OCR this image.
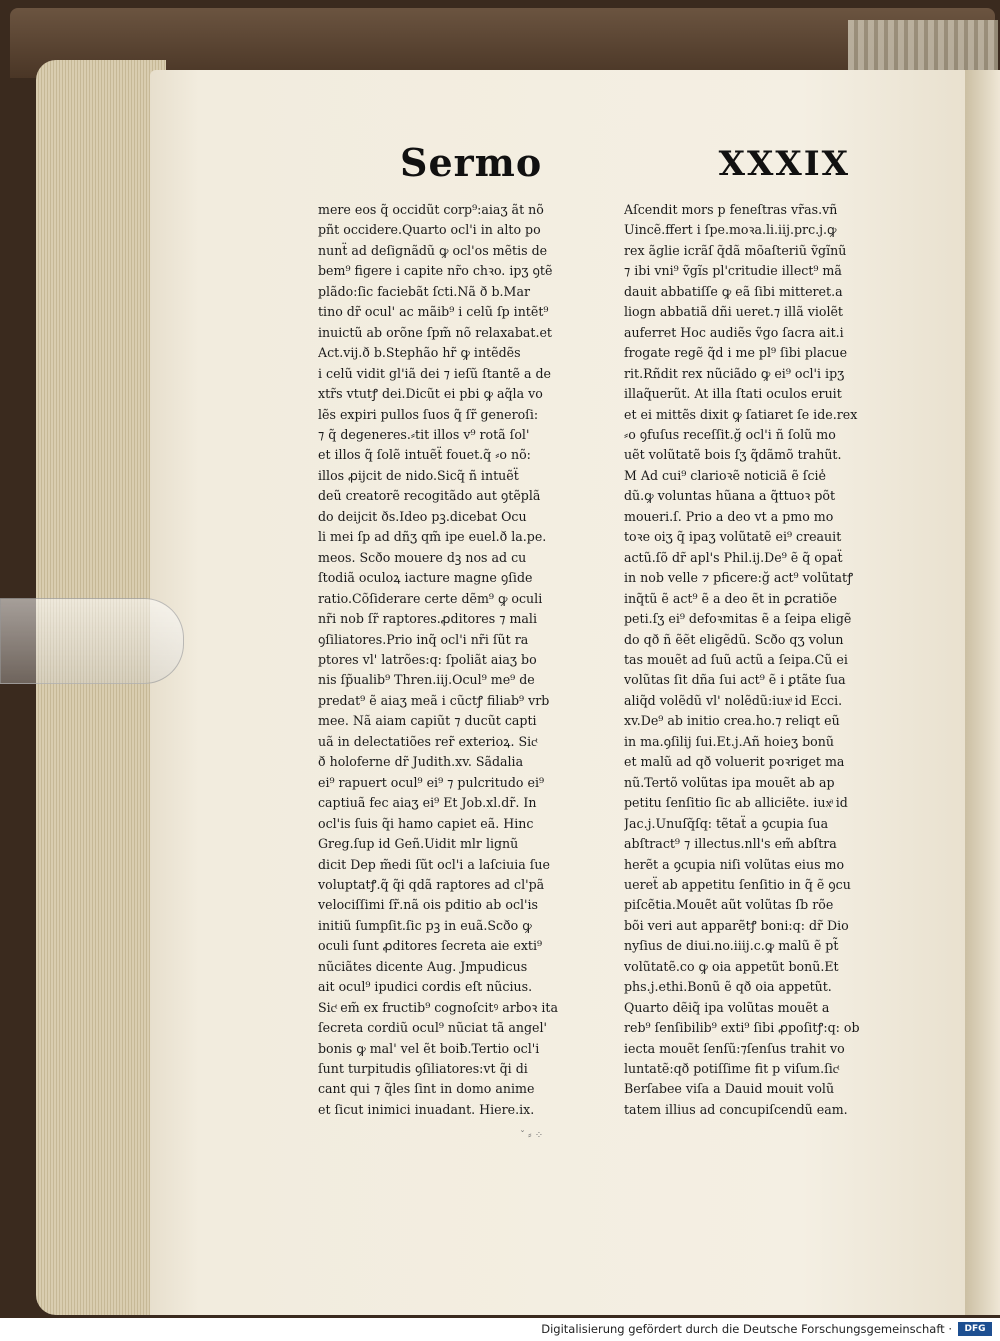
Sermo	XXXIX
mere eos q̃ occidũt corp⁹:aiaʒ ãt nõ
pñt occidere.Quarto ocl'i in alto po
nunẗ ad deſignãdũ ꝙ ocl'os mẽtis de
bem⁹ figere i capite nr̃o chꝛo. ipʒ ꝯtẽ
plãdo:ſic faciebãt ſcti.Nã ð b.Mar
tino dr̃ ocul' ac mãib⁹ i celũ ſp intẽt⁹
inuictũ ab orõne ſpm̃ nõ relaxabat.et
Act.vij.ð b.Stephão hr̃ ꝙ intẽdẽs
i celũ vidit gl'iã dei ⁊ ieſũ ſtantẽ a de
xtr̃s vtutꝭ dei.Dicũt ei pbi ꝙ aq̃la vo
lẽs expiri pullos ſuos q̃ ſr̃ generoſi:
⁊ q̃ degeneres.⸗tit illos v⁹ rotã ſol'
et illos q̃ ſolẽ intuẽẗ fouet.q̃ ⸗o nõ:
illos ꝓijcit de nido.Sicq̃ ñ intuẽẗ
deũ creatorẽ recogitãdo aut ꝯtẽplã
do deijcit ðs.Ideo pꝫ.dicebat Ocu
li mei ſp ad dñʒ qm̃ ipe euel.ð la.pe.
meos. Scðo mouere dꝫ nos ad cu
ſtodiã oculoꝝ iacture magne ꝯſide
ratio.Cõſiderare certe dẽm⁹ ꝙ oculi
nr̃i nob ſr̃ raptores.ꝓditores ⁊ mali
ꝯſiliatores.Prio inq̃ ocl'i nr̃i ſũt ra
ptores vl' latrões:q: ſpoliãt aiaʒ bo
nis ſp̃ualib⁹ Thren.iij.Ocul⁹ me⁹ de
predat⁹ ẽ aiaʒ meã i cũctꝭ filiab⁹ vrb
mee. Nã aiam capiũt ⁊ ducũt capti
uã in delectatiões rer̃ exterioꝝ. Sicͭ
ð holoferne dr̃ Judith.xv. Sãdalia
ei⁹ rapuert ocul⁹ ei⁹ ⁊ pulcritudo ei⁹
captiuã fec aiaʒ ei⁹ Et Job.xl.dr̃. In
ocl'is ſuis q̃i hamo capiet eã. Hinc
Greg.ſup id Geñ.Uidit mlr lignũ
dicit Dep m̃edi ſũt ocl'i a laſciuia ſue
voluptatꝭ.q̃ q̃i qdã raptores ad cl'pã
velociſſimi ſr̃.nã ois pditio ab ocl'is
initiũ ſumpſit.ſic pꝫ in euã.Scðo ꝙ
oculi ſunt ꝓditores ſecreta aie exti⁹
nũciãtes dicente Aug. Jmpudicus
ait ocul⁹ ipudici cordis eſt nũcius.
Sicͭ em̃ ex fructib⁹ cognoſcitꝰ arboꝛ ita
ſecreta cordiũ ocul⁹ nũciat tã angel'
bonis ꝙ mal' vel ẽt boiƀ.Tertio ocl'i
ſunt turpitudis ꝯſiliatores:vt q̃i di
cant qui ⁊ q̃les ſint in domo anime
et ſicut inimici inuadant. Hiere.ix.
Aſcendit mors p feneſtras vr̃as.vñ
Uincẽ.ffert i ſpe.moꝛa.li.iij.prc.j.ꝙ
rex ãglie icrãſ q̃dã mõaſteriũ ṽgĩnũ
⁊ ibi vni⁹ ṽgĩs pl'critudie illect⁹ mã
dauit abbatiſſe ꝙ eã ſibi mitteret.a
liogn abbatiã dñi ueret.⁊ illã violẽt
auferret Hoc audiẽs ṽgo ſacra ait.i
frogate regẽ q̃d i me pl⁹ ſibi placue
rit.Rñdit rex nũciãdo ꝙ ei⁹ ocl'i ipʒ
illaq̃uerũt. At illa ſtati oculos eruit
et ei mittẽs dixit ꝙ ſatiaret ſe ide.rex
⸗o ꝯfuſus receſſit.ğ ocl'i ñ ſolũ mo
uẽt volũtatẽ bois ſʒ q̃dãmõ trahũt.
M Ad cui⁹ clarioꝛẽ noticiã ẽ ſcie̾
dũ.ꝙ voluntas hũana a q̃ttuoꝛ põt
moueri.ſ. Prio a deo vt a pmo mo
toꝛe oiʒ q̃ ipaʒ volũtatẽ ei⁹ creauit
actũ.ſõ dr̃ apl's Phil.ij.De⁹ ẽ q̃ opaẗ
in nob velle ⁊ pficere:ğ act⁹ volũtatꝭ
inq̃tũ ẽ act⁹ ẽ a deo ẽt in ꝑcratiõe
peti.ſʒ ei⁹ defoꝛmitas ẽ a ſeipa eligẽ
do qð ñ ẽẽt eligẽdũ. Scðo qʒ volun
tas mouẽt ad ſuũ actũ a ſeipa.Cũ ei
volũtas ſit dña ſui act⁹ ẽ i ꝑtãte ſua
aliq̃d volẽdũ vl' nolẽdũ:iuxͣ id Ecci.
xv.De⁹ ab initio crea.ho.⁊ reliqt eũ
in ma.ꝯſilij ſui.Et.j.Añ hoieʒ bonũ
et malũ ad qð voluerit poꝛriget ma
nũ.Tertõ volũtas ipa mouẽt ab ap
petitu ſenſitio ſic ab alliciẽte. iuxͣ id
Jac.j.Unuſq̃ſq: tẽtaẗ a ꝯcupia ſua
abſtract⁹ ⁊ illectus.nll's em̃ abſtra
herẽt a ꝯcupia niſi volũtas eius mo
uereẗ ab appetitu ſenſitio in q̃ ẽ ꝯcu
piſcẽtia.Mouẽt aũt volũtas ſb rõe
bõi veri aut apparẽtꝭ boni:q: dr̃ Dio
nyſius de diui.no.iiij.c.ꝙ malũ ẽ pt̃
volũtatẽ.co ꝙ oia appetũt bonũ.Et
phs.j.ethi.Bonũ ẽ qð oia appetũt.
Quarto dẽiq̃ ipa volũtas mouẽt a
reb⁹ ſenſibilib⁹ exti⁹ ſibi ꝓpoſitꝭ:q: ob
iecta mouẽt ſenſũ:⁊ſenſus trahit vo
luntatẽ:qð potiſſime fit p viſum.ſicͭ
Berſabee viſa a Dauid mouit volũ
tatem illius ad concupiſcendũ eam.
ˇ ⸗ ⁘
Digitalisierung gefördert durch die Deutsche Forschungsgemeinschaft ·	DFG
